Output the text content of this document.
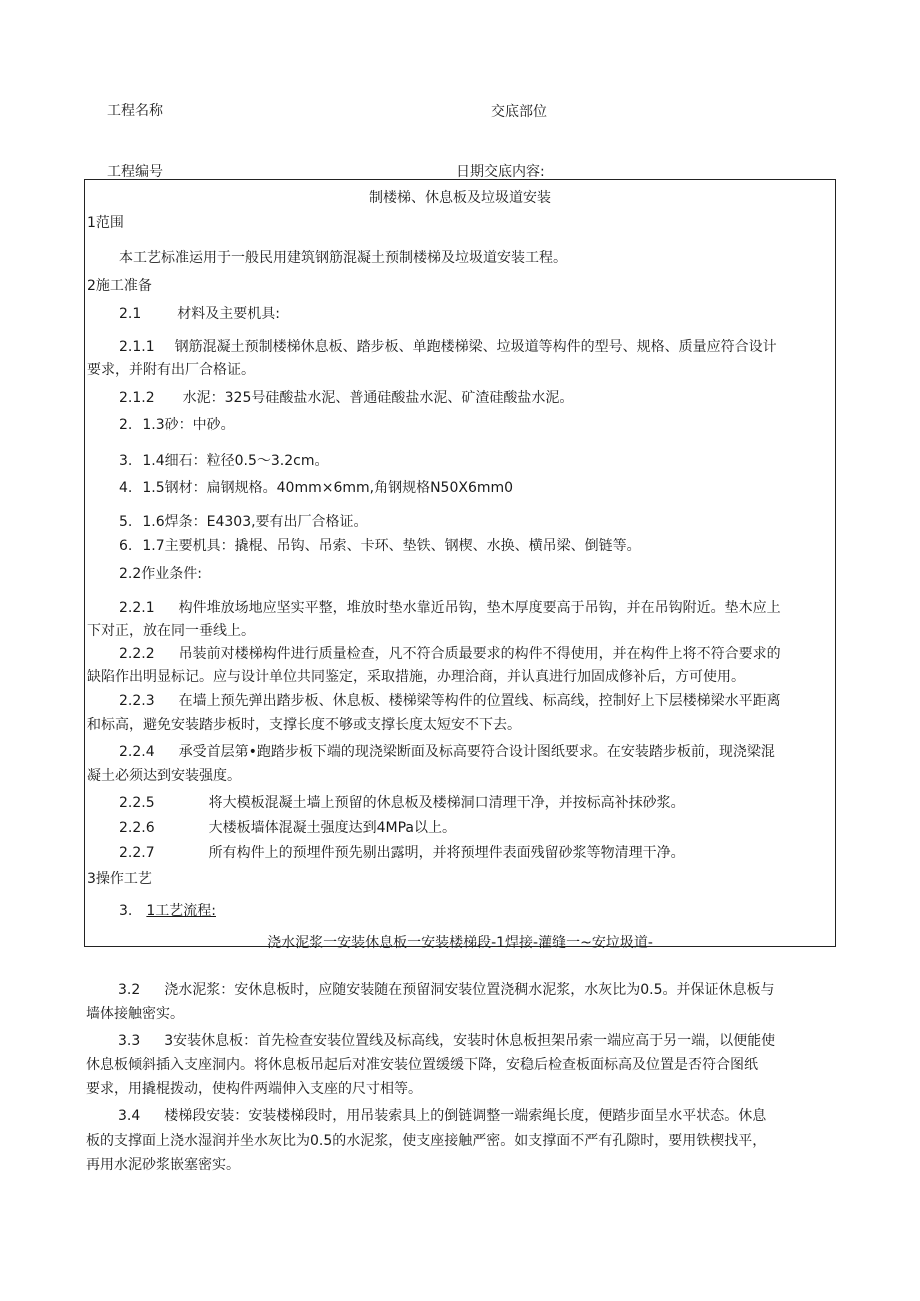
工程名称	交底部位
工程编号	日期交底内容:
制楼梯、休息板及垃圾道安装
1范围
本工艺标准运用于一般民用建筑钢筋混凝土预制楼梯及垃圾道安装工程。
2施工准备
2.1	材料及主要机具:
2.1.1 钢筋混凝土预制楼梯休息板、踏步板、单跑楼梯梁、垃圾道等构件的型号、规格、质量应符合设计
要求，并附有出厂合格证。
2.1.2 水泥：325号硅酸盐水泥、普通硅酸盐水泥、矿渣硅酸盐水泥。
2. 1.3砂：中砂。
3. 1.4细石：粒径0.5～3.2cm。
4. 1.5钢材：扁钢规格。40mm×6mm,角钢规格N50X6mm0
5. 1.6焊条：E4303,要有出厂合格证。
6. 1.7主要机具：撬棍、吊钩、吊索、卡环、垫铁、钢楔、水换、横吊梁、倒链等。
2.2作业条件:
2.2.1 构件堆放场地应坚实平整，堆放时垫水靠近吊钩，垫木厚度要高于吊钩，并在吊钩附近。垫木应上
下对正，放在同一垂线上。
2.2.2 吊装前对楼梯构件进行质量检查，凡不符合质最要求的构件不得使用，并在构件上将不符合要求的
缺陷作出明显标记。应与设计单位共同鉴定，采取措施，办理洽商，并认真进行加固成修补后，方可使用。
2.2.3 在墙上预先弹出踏步板、休息板、楼梯梁等构件的位置线、标高线，控制好上下层楼梯梁水平距离
和标高，避免安装踏步板时，支撑长度不够或支撑长度太短安不下去。
2.2.4 承受首层第•跑踏步板下端的现浇梁断面及标高要符合设计图纸要求。在安装踏步板前，现浇梁混
凝土必须达到安装强度。
2.2.5	将大模板混凝土墙上预留的休息板及楼梯洞口清理干净，并按标高补抹砂浆。
2.2.6	大楼板墙体混凝土强度达到4MPa以上。
2.2.7	所有构件上的预埋件预先剔出露明，并将预埋件表面残留砂浆等物清理干净。
3操作工艺
3. 1工艺流程:
浇水泥浆一安装休息板一安装楼梯段-1焊接-灌缝一~安垃圾道-
3.2 浇水泥浆：安休息板时，应随安装随在预留洞安装位置浇稠水泥浆，水灰比为0.5。并保证休息板与
墙体接触密实。
3.3 3安装休息板：首先检查安装位置线及标高线，安装时休息板担架吊索一端应高于另一端，以便能使
休息板倾斜插入支座洞内。将休息板吊起后对准安装位置缓缓下降，安稳后检查板面标高及位置是否符合图纸
要求，用撬棍拨动，使构件两端伸入支座的尺寸相等。
3.4 楼梯段安装：安装楼梯段时，用吊装索具上的倒链调整一端索绳长度，便踏步面呈水平状态。休息
板的支撑面上浇水湿润并坐水灰比为0.5的水泥浆，使支座接触严密。如支撑面不严有孔隙时，要用铁楔找平，
再用水泥砂浆嵌塞密实。
